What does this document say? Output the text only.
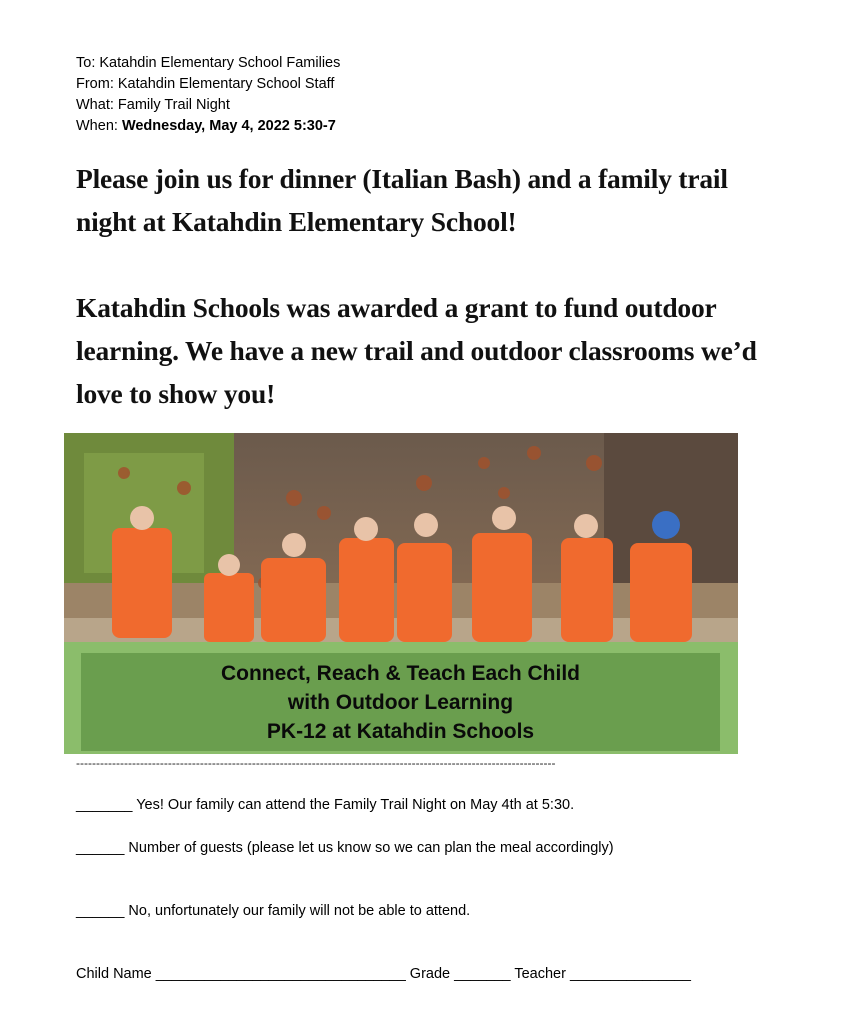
To: Katahdin Elementary School Families
From: Katahdin Elementary School Staff
What: Family Trail Night
When: Wednesday, May 4, 2022 5:30-7
Please join us for dinner (Italian Bash) and a family trail night at Katahdin Elementary School!
Katahdin Schools was awarded a grant to fund outdoor learning. We have a new trail and outdoor classrooms we’d love to show you!
Connect, Reach & Teach Each Child
with Outdoor Learning
PK-12 at Katahdin Schools
------------------------------------------------------------------------------------------------------------------------
_______ Yes! Our family can attend the Family Trail Night on May 4th at 5:30.
______ Number of guests (please let us know so we can plan the meal accordingly)
______ No, unfortunately our family will not be able to attend.
Child Name _______________________________ Grade _______ Teacher _______________
